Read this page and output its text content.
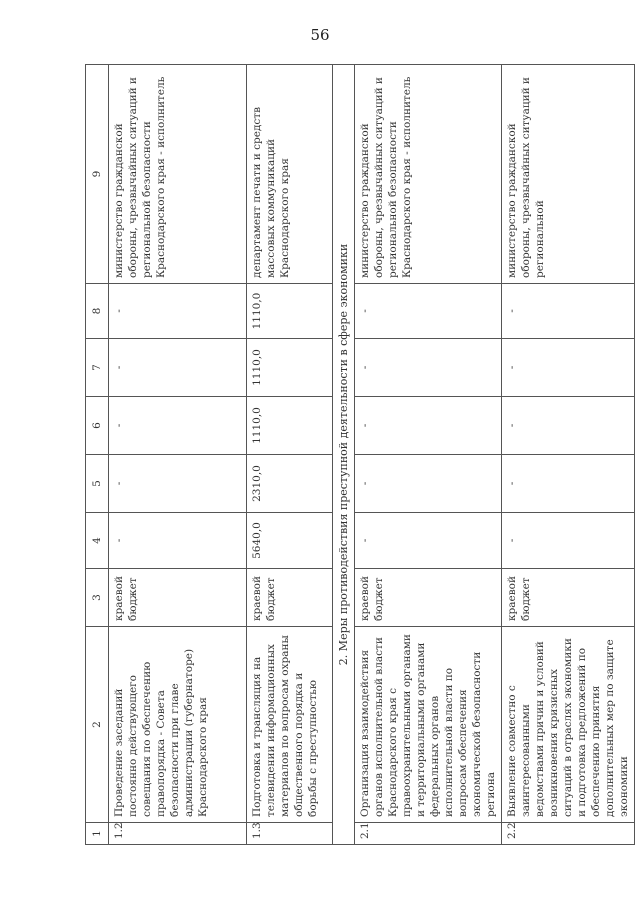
56
1	2	3	4	5	6	7	8	9
1.2	Проведение заседаний постоянно действующего совещания по обеспечению правопорядка - Совета безопасности при главе администрации (губернаторе) Краснодарского края	краевой бюджет	-	-	-	-	-	министерство гражданской обороны, чрезвычайных ситуаций и региональной безопасности Краснодарского края - исполнитель
1.3	Подготовка и трансляция на телевидении информационных материалов по вопросам охраны общественного порядка и борьбы с преступностью	краевой бюджет	5640,0	2310,0	1110,0	1110,0	1110,0	департамент печати и средств массовых коммуникаций Краснодарского края
2. Меры противодействия преступной деятельности в сфере экономики								
2.1	Организация взаимодействия органов исполнительной власти Краснодарского края с правоохранительными органами и территориальными органами федеральных органов исполнительной власти по вопросам обеспечения экономической безопасности региона	краевой бюджет	-	-	-	-	-	министерство гражданской обороны, чрезвычайных ситуаций и региональной безопасности Краснодарского края - исполнитель
2.2	Выявление совместно с заинтересованными ведомствами причин и условий возникновения кризисных ситуаций в отраслях экономики и подготовка предложений по обеспечению принятия дополнительных мер по защите экономики	краевой бюджет	-	-	-	-	-	министерство гражданской обороны, чрезвычайных ситуаций и региональной
